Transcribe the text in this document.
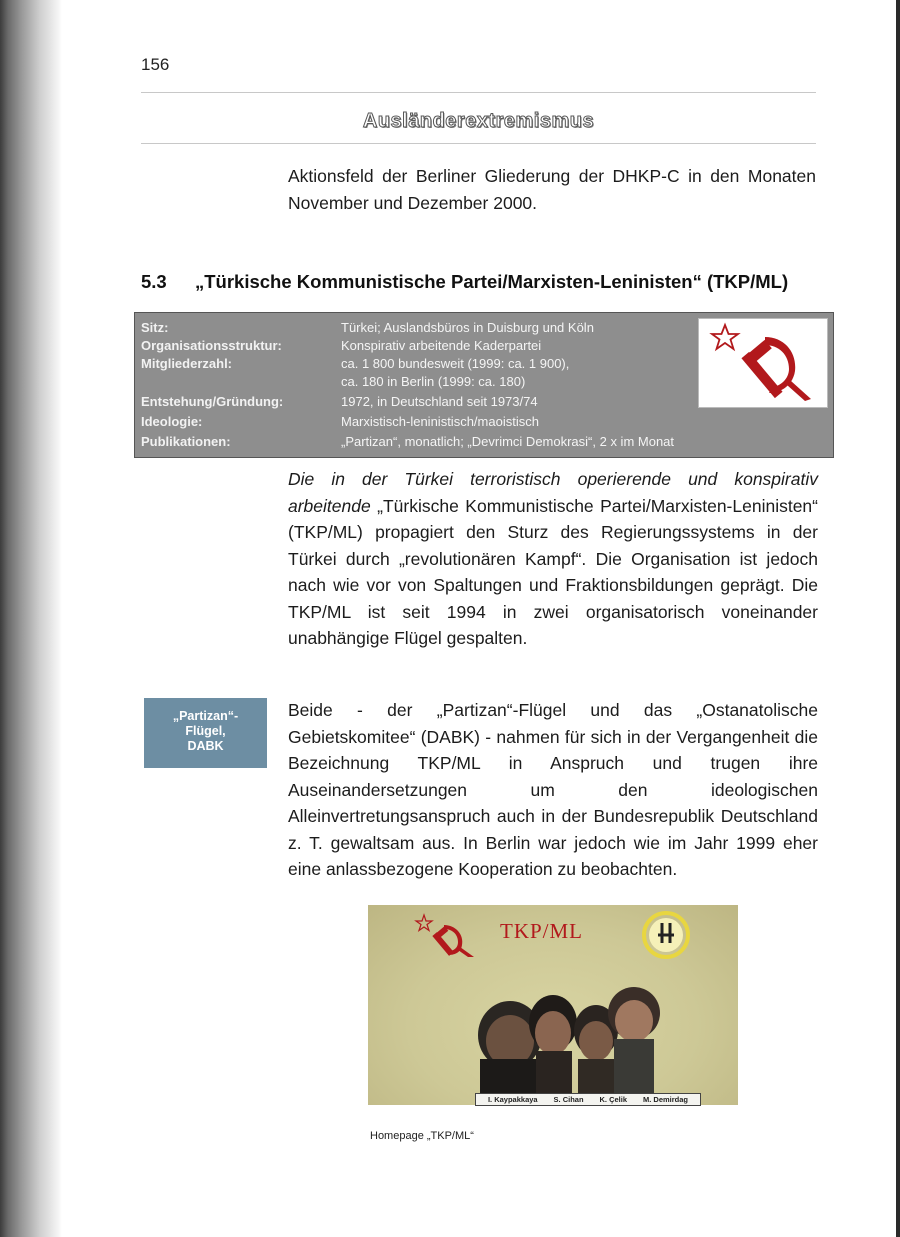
156
Ausländerextremismus
Aktionsfeld der Berliner Gliederung der DHKP-C in den Monaten November und Dezember 2000.
5.3 „Türkische Kommunistische Partei/Marxisten-Leninisten“ (TKP/ML)
Sitz:	Türkei; Auslandsbüros in Duisburg und Köln
Organisationsstruktur:	Konspirativ arbeitende Kaderpartei
Mitgliederzahl:	ca. 1 800 bundesweit (1999: ca. 1 900),
ca. 180 in Berlin (1999: ca. 180)
Entstehung/Gründung:	1972, in Deutschland seit 1973/74
Ideologie:	Marxistisch-leninistisch/maoistisch
Publikationen:	„Partizan“, monatlich; „Devrimci Demokrasi“, 2 x im Monat
Die in der Türkei terroristisch operierende und konspirativ arbeitende „Türkische Kommunistische Partei/Marxisten-Leninisten“ (TKP/ML) propagiert den Sturz des Regierungssystems in der Türkei durch „revolutionären Kampf“. Die Organisation ist jedoch nach wie vor von Spaltungen und Fraktionsbildungen geprägt. Die TKP/ML ist seit 1994 in zwei organisatorisch voneinander unabhängige Flügel gespalten.
„Partizan“-
Flügel,
DABK
Beide - der „Partizan“-Flügel und das „Ostanatolische Gebietskomitee“ (DABK) - nahmen für sich in der Vergangenheit die Bezeichnung TKP/ML in Anspruch und trugen ihre Auseinandersetzungen um den ideologischen Alleinvertretungsanspruch auch in der Bundesrepublik Deutschland z. T. gewaltsam aus. In Berlin war jedoch wie im Jahr 1999 eher eine anlassbezogene Kooperation zu beobachten.
TKP/ML
I. Kaypakkaya S. Cihan K. Çelik M. Demirdag
Homepage „TKP/ML“
